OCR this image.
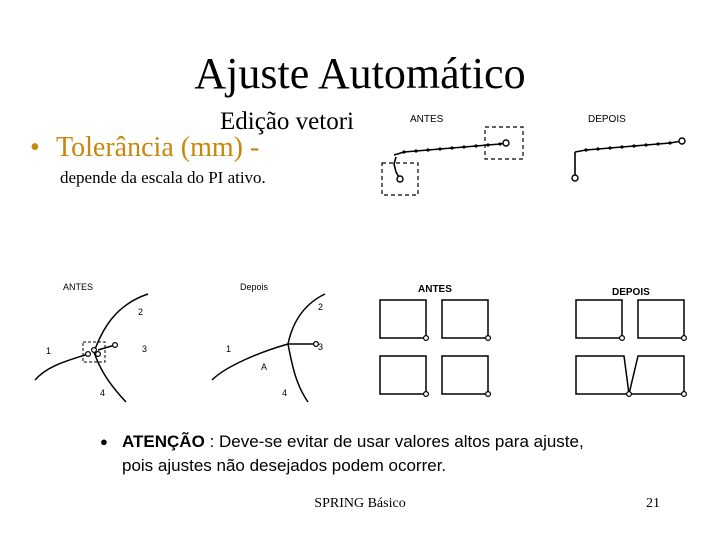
Ajuste Automático
Edição vetori
• Tolerância (mm) -
depende da escala do PI ativo.
ANTES	DEPOIS
ANTES	Depois
1
2
3
4
1
2
3
4
A
ANTES	DEPOIS
● ATENÇÃO : Deve-se evitar de usar valores altos para ajuste,
pois ajustes não desejados podem ocorrer.
SPRING Básico	21
